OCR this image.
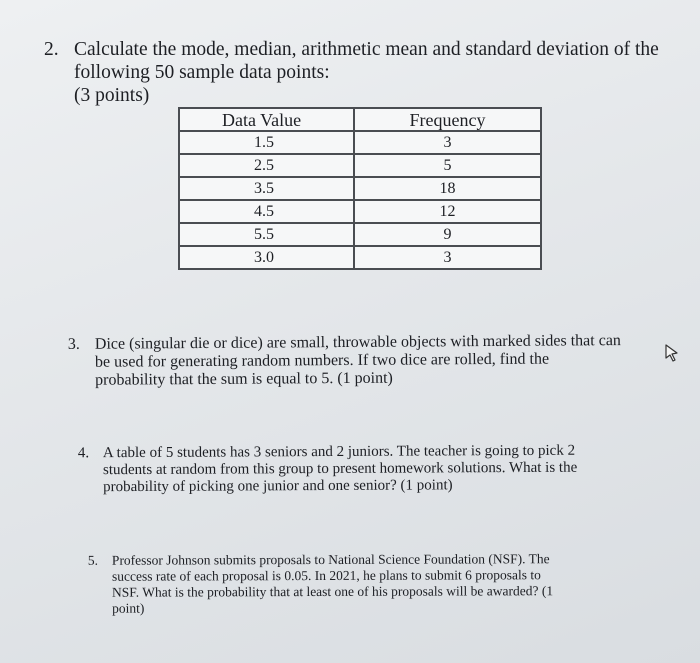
2. Calculate the mode, median, arithmetic mean and standard deviation of the
following 50 sample data points:
(3 points)
Data Value	Frequency
1.5	3
2.5	5
3.5	18
4.5	12
5.5	9
3.0	3
3. Dice (singular die or dice) are small, throwable objects with marked sides that can
be used for generating random numbers. If two dice are rolled, find the
probability that the sum is equal to 5. (1 point)
4. A table of 5 students has 3 seniors and 2 juniors. The teacher is going to pick 2
students at random from this group to present homework solutions. What is the
probability of picking one junior and one senior? (1 point)
5. Professor Johnson submits proposals to National Science Foundation (NSF). The
success rate of each proposal is 0.05. In 2021, he plans to submit 6 proposals to
NSF. What is the probability that at least one of his proposals will be awarded? (1
point)
